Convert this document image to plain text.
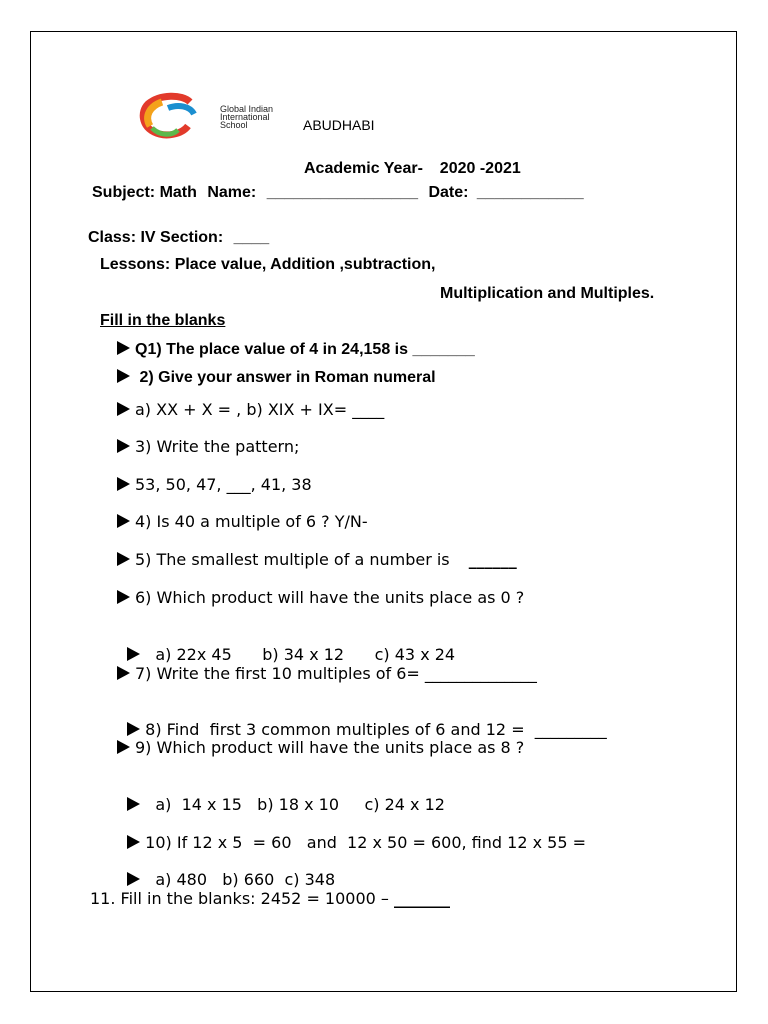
Global Indian
International
School	ABUDHABI
Academic Year- 2020 -2021
Subject: Math Name: _________________ Date: ____________
Class: IV Section: ____
Lessons: Place value, Addition ,subtraction,
Multiplication and Multiples.
Fill in the blanks
Q1) The place value of 4 in 24,158 is _______
2) Give your answer in Roman numeral
a) XX + X = , b) XIX + IX= ____
3) Write the pattern;
53, 50, 47, ___, 41, 38
4) Is 40 a multiple of 6 ? Y/N-
5) The smallest multiple of a number is ______
6) Which product will have the units place as 0 ?

a) 22x 45      b) 34 x 12      c) 43 x 24

7) Write the first 10 multiples of 6= ______________

8) Find  first 3 common multiples of 6 and 12 =  _________

9) Which product will have the units place as 8 ?

a)  14 x 15   b) 18 x 10     c) 24 x 12

10) If 12 x 5  = 60   and  12 x 50 = 600, find 12 x 55 =

a) 480   b) 660  c) 348

11. Fill in the blanks: 2452 = 10000 – _______
